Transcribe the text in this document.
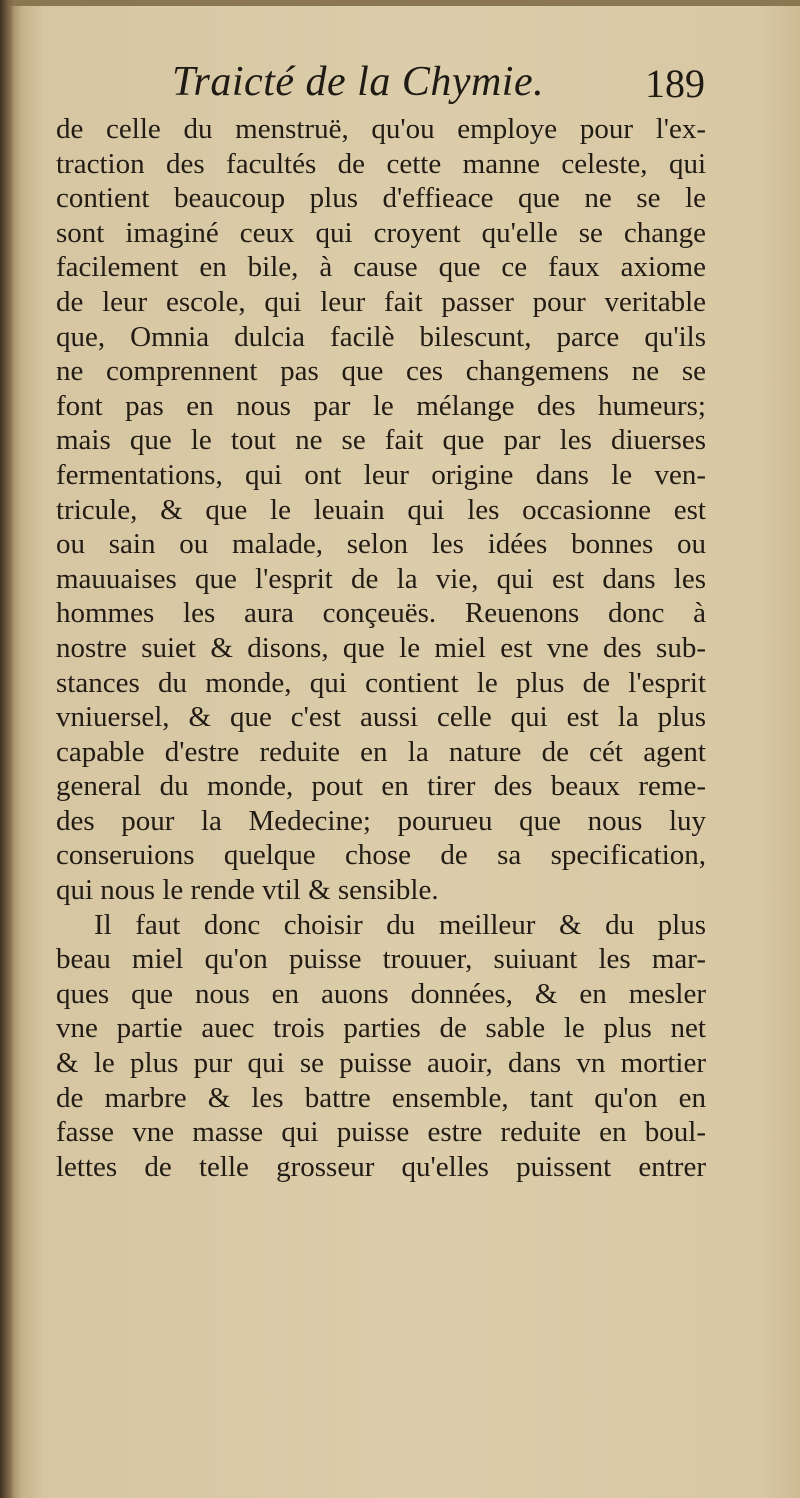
Traicté de la Chymie.	189
de celle du menstruë, qu'ou employe pour l'ex-
traction des facultés de cette manne celeste, qui
contient beaucoup plus d'effieace que ne se le
sont imaginé ceux qui croyent qu'elle se change
facilement en bile, à cause que ce faux axiome
de leur escole, qui leur fait passer pour veritable
que, Omnia dulcia facilè bilescunt, parce qu'ils
ne comprennent pas que ces changemens ne se
font pas en nous par le mélange des humeurs;
mais que le tout ne se fait que par les diuerses
fermentations, qui ont leur origine dans le ven-
tricule, & que le leuain qui les occasionne est
ou sain ou malade, selon les idées bonnes ou
mauuaises que l'esprit de la vie, qui est dans les
hommes les aura conçeuës. Reuenons donc à
nostre suiet & disons, que le miel est vne des sub-
stances du monde, qui contient le plus de l'esprit
vniuersel, & que c'est aussi celle qui est la plus
capable d'estre reduite en la nature de cét agent
general du monde, pout en tirer des beaux reme-
des pour la Medecine; pourueu que nous luy
conseruions quelque chose de sa specification,
qui nous le rende vtil & sensible.
Il faut donc choisir du meilleur & du plus
beau miel qu'on puisse trouuer, suiuant les mar-
ques que nous en auons données, & en mesler
vne partie auec trois parties de sable le plus net
& le plus pur qui se puisse auoir, dans vn mortier
de marbre & les battre ensemble, tant qu'on en
fasse vne masse qui puisse estre reduite en boul-
lettes de telle grosseur qu'elles puissent entrer
